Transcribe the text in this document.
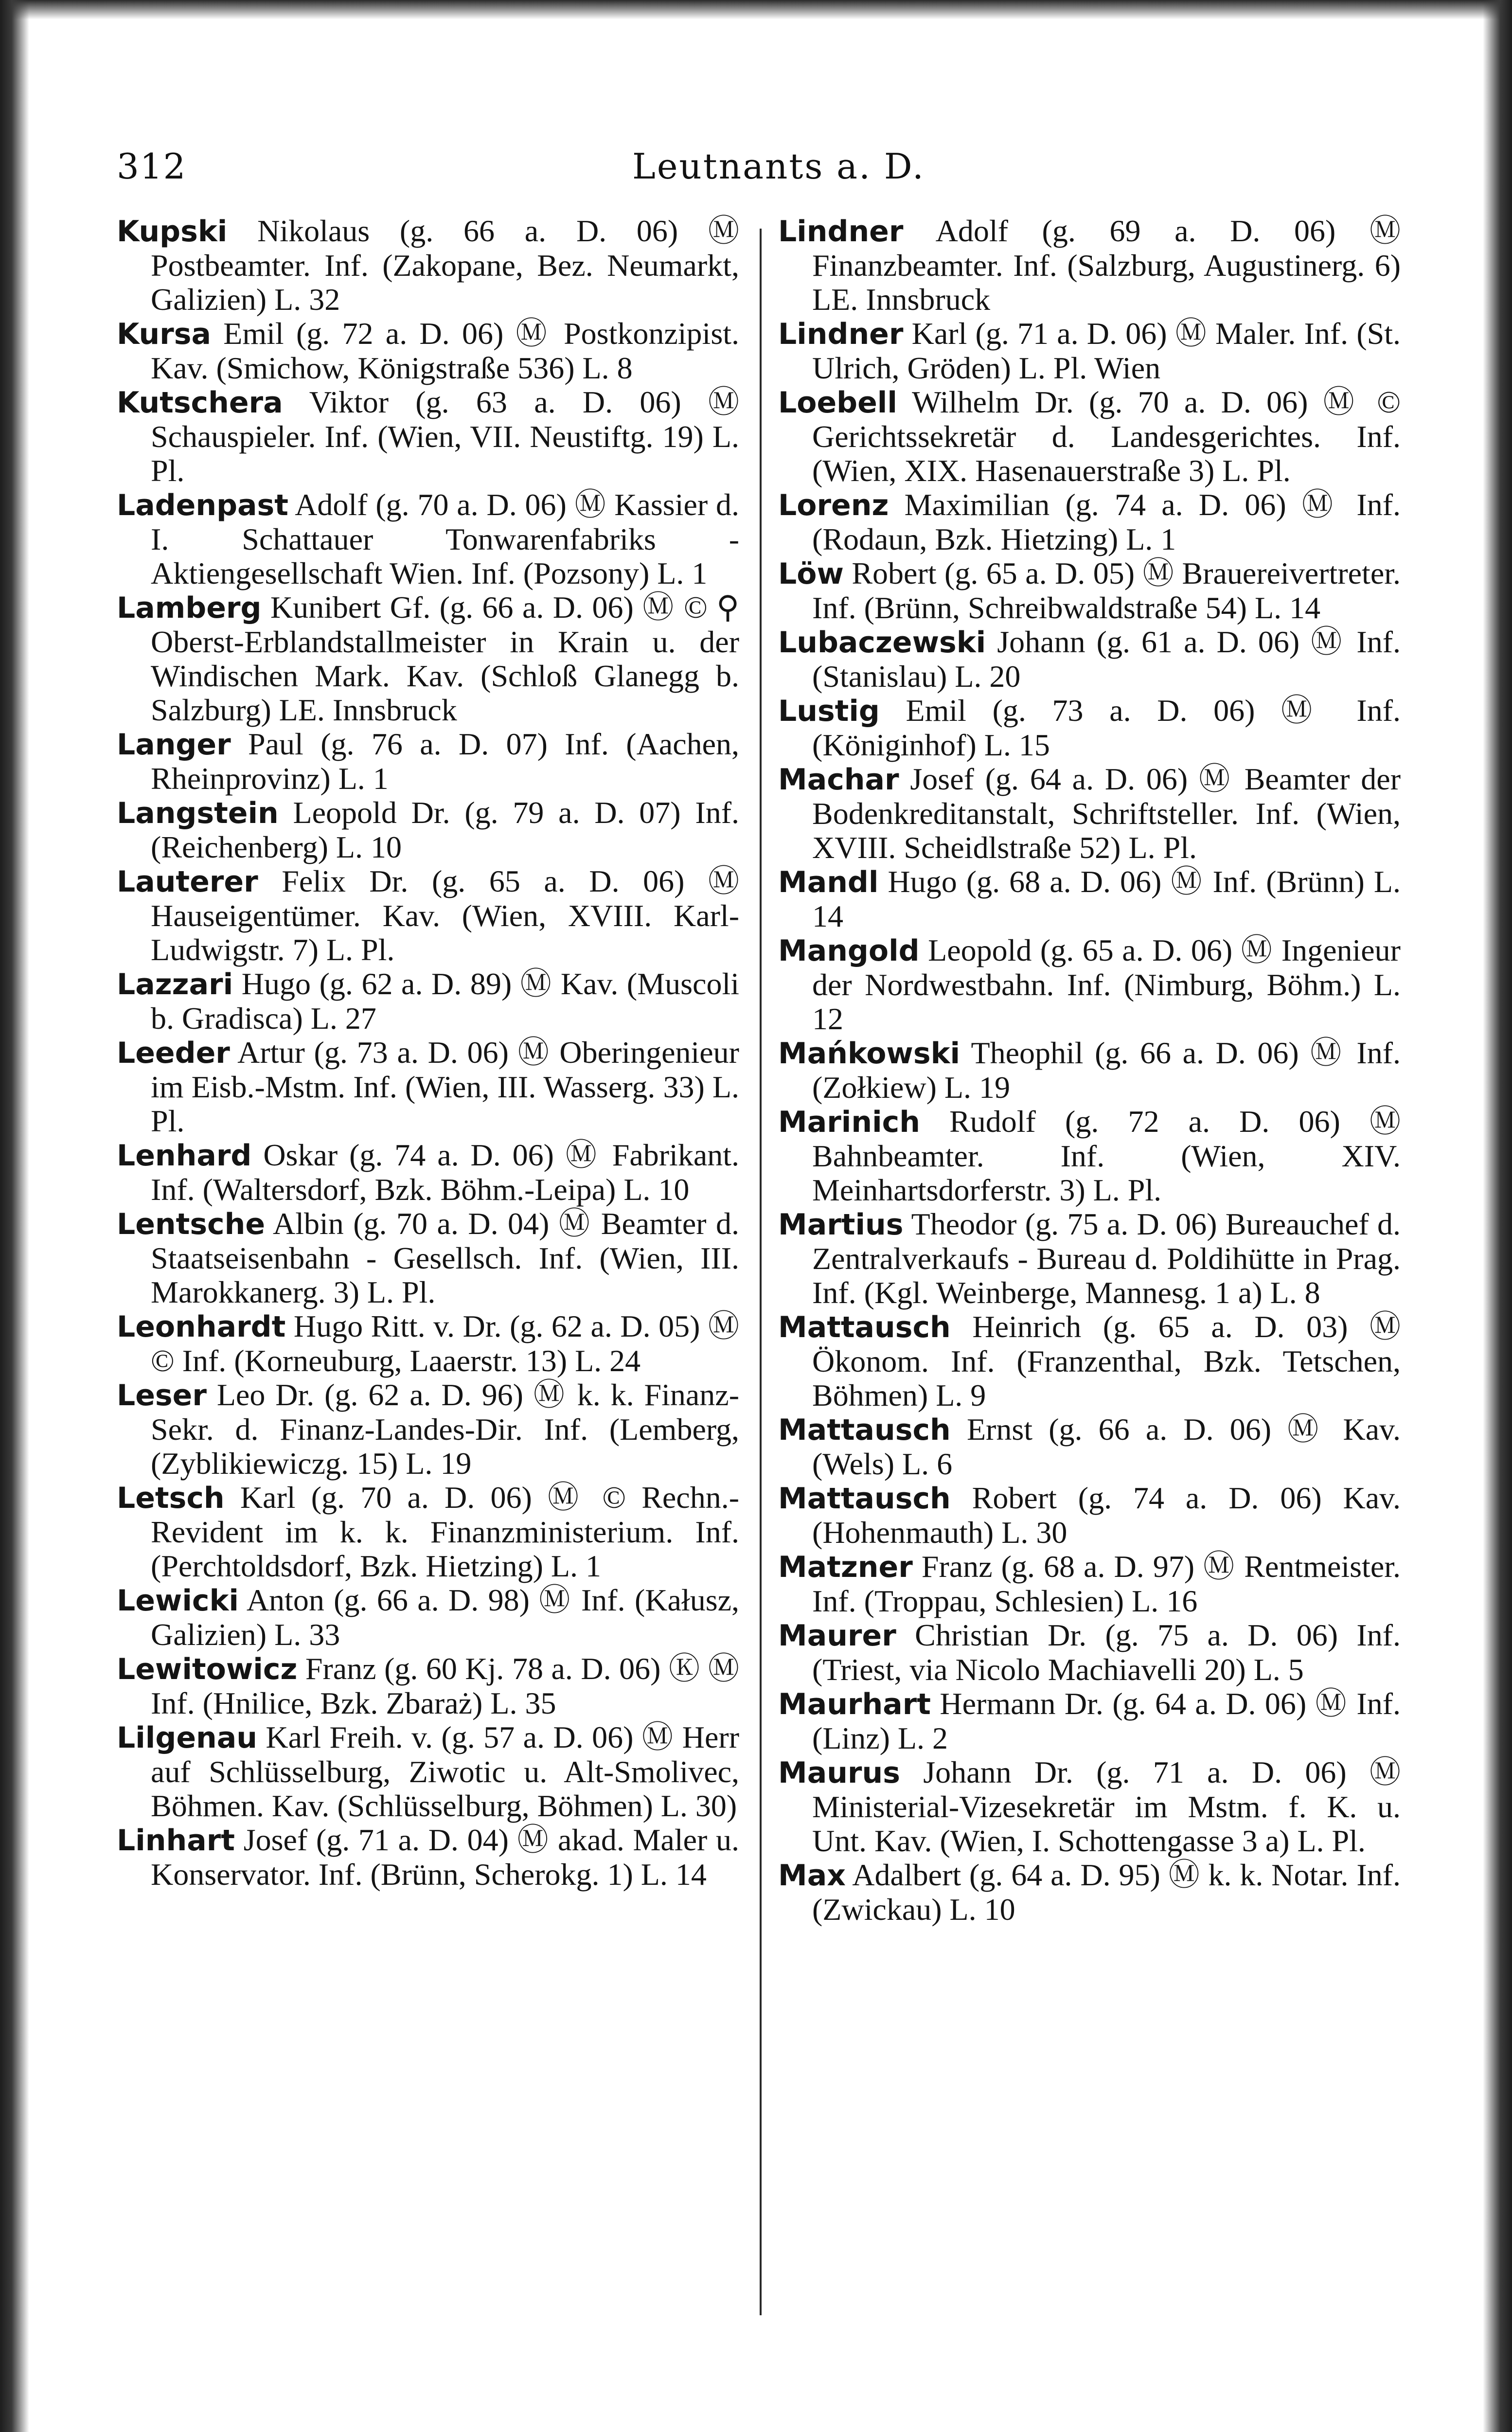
312	Leutnants a. D.

Kupski Nikolaus (g. 66 a. D. 06) Ⓜ Postbeamter. Inf. (Zakopane, Bez. Neumarkt, Galizien) L. 32

Kursa Emil (g. 72 a. D. 06) Ⓜ Postkonzipist. Kav. (Smichow, Königstraße 536) L. 8

Kutschera Viktor (g. 63 a. D. 06) Ⓜ Schauspieler. Inf. (Wien, VII. Neustiftg. 19) L. Pl.

Ladenpast Adolf (g. 70 a. D. 06) Ⓜ Kassier d. I. Schattauer Tonwarenfabriks - Aktiengesellschaft Wien. Inf. (Pozsony) L. 1

Lamberg Kunibert Gf. (g. 66 a. D. 06) Ⓜ © ⚲ Oberst-Erblandstallmeister in Krain u. der Windischen Mark. Kav. (Schloß Glanegg b. Salzburg) LE. Innsbruck

Langer Paul (g. 76 a. D. 07) Inf. (Aachen, Rheinprovinz) L. 1

Langstein Leopold Dr. (g. 79 a. D. 07) Inf. (Reichenberg) L. 10

Lauterer Felix Dr. (g. 65 a. D. 06) Ⓜ Hauseigentümer. Kav. (Wien, XVIII. Karl-Ludwigstr. 7) L. Pl.

Lazzari Hugo (g. 62 a. D. 89) Ⓜ Kav. (Muscoli b. Gradisca) L. 27

Leeder Artur (g. 73 a. D. 06) Ⓜ Oberingenieur im Eisb.-Mstm. Inf. (Wien, III. Wasserg. 33) L. Pl.

Lenhard Oskar (g. 74 a. D. 06) Ⓜ Fabrikant. Inf. (Waltersdorf, Bzk. Böhm.-Leipa) L. 10

Lentsche Albin (g. 70 a. D. 04) Ⓜ Beamter d. Staatseisenbahn - Gesellsch. Inf. (Wien, III. Marokkanerg. 3) L. Pl.

Leonhardt Hugo Ritt. v. Dr. (g. 62 a. D. 05) Ⓜ © Inf. (Korneuburg, Laaerstr. 13) L. 24

Leser Leo Dr. (g. 62 a. D. 96) Ⓜ k. k. Finanz-Sekr. d. Finanz-Landes-Dir. Inf. (Lemberg, (Zyblikiewiczg. 15) L. 19

Letsch Karl (g. 70 a. D. 06) Ⓜ © Rechn.-Revident im k. k. Finanzministerium. Inf. (Perchtoldsdorf, Bzk. Hietzing) L. 1

Lewicki Anton (g. 66 a. D. 98) Ⓜ Inf. (Kałusz, Galizien) L. 33

Lewitowicz Franz (g. 60 Kj. 78 a. D. 06) Ⓚ Ⓜ Inf. (Hnilice, Bzk. Zbaraż) L. 35

Lilgenau Karl Freih. v. (g. 57 a. D. 06) Ⓜ Herr auf Schlüsselburg, Ziwotic u. Alt-Smolivec, Böhmen. Kav. (Schlüsselburg, Böhmen) L. 30)

Linhart Josef (g. 71 a. D. 04) Ⓜ akad. Maler u. Konservator. Inf. (Brünn, Scherokg. 1) L. 14

Lindner Adolf (g. 69 a. D. 06) Ⓜ Finanzbeamter. Inf. (Salzburg, Augustinerg. 6) LE. Innsbruck

Lindner Karl (g. 71 a. D. 06) Ⓜ Maler. Inf. (St. Ulrich, Gröden) L. Pl. Wien

Loebell Wilhelm Dr. (g. 70 a. D. 06) Ⓜ © Gerichtssekretär d. Landesgerichtes. Inf. (Wien, XIX. Hasenauerstraße 3) L. Pl.

Lorenz Maximilian (g. 74 a. D. 06) Ⓜ Inf. (Rodaun, Bzk. Hietzing) L. 1

Löw Robert (g. 65 a. D. 05) Ⓜ Brauereivertreter. Inf. (Brünn, Schreibwaldstraße 54) L. 14

Lubaczewski Johann (g. 61 a. D. 06) Ⓜ Inf. (Stanislau) L. 20

Lustig Emil (g. 73 a. D. 06) Ⓜ Inf. (Königinhof) L. 15

Machar Josef (g. 64 a. D. 06) Ⓜ Beamter der Bodenkreditanstalt, Schriftsteller. Inf. (Wien, XVIII. Scheidlstraße 52) L. Pl.

Mandl Hugo (g. 68 a. D. 06) Ⓜ Inf. (Brünn) L. 14

Mangold Leopold (g. 65 a. D. 06) Ⓜ Ingenieur der Nordwestbahn. Inf. (Nimburg, Böhm.) L. 12

Mańkowski Theophil (g. 66 a. D. 06) Ⓜ Inf. (Zołkiew) L. 19

Marinich Rudolf (g. 72 a. D. 06) Ⓜ Bahnbeamter. Inf. (Wien, XIV. Meinhartsdorferstr. 3) L. Pl.

Martius Theodor (g. 75 a. D. 06) Bureauchef d. Zentralverkaufs - Bureau d. Poldihütte in Prag. Inf. (Kgl. Weinberge, Mannesg. 1 a) L. 8

Mattausch Heinrich (g. 65 a. D. 03) Ⓜ Ökonom. Inf. (Franzenthal, Bzk. Tetschen, Böhmen) L. 9

Mattausch Ernst (g. 66 a. D. 06) Ⓜ Kav. (Wels) L. 6

Mattausch Robert (g. 74 a. D. 06) Kav. (Hohenmauth) L. 30

Matzner Franz (g. 68 a. D. 97) Ⓜ Rentmeister. Inf. (Troppau, Schlesien) L. 16

Maurer Christian Dr. (g. 75 a. D. 06) Inf. (Triest, via Nicolo Machiavelli 20) L. 5

Maurhart Hermann Dr. (g. 64 a. D. 06) Ⓜ Inf. (Linz) L. 2

Maurus Johann Dr. (g. 71 a. D. 06) Ⓜ Ministerial-Vizesekretär im Mstm. f. K. u. Unt. Kav. (Wien, I. Schottengasse 3 a) L. Pl.

Max Adalbert (g. 64 a. D. 95) Ⓜ k. k. Notar. Inf. (Zwickau) L. 10
